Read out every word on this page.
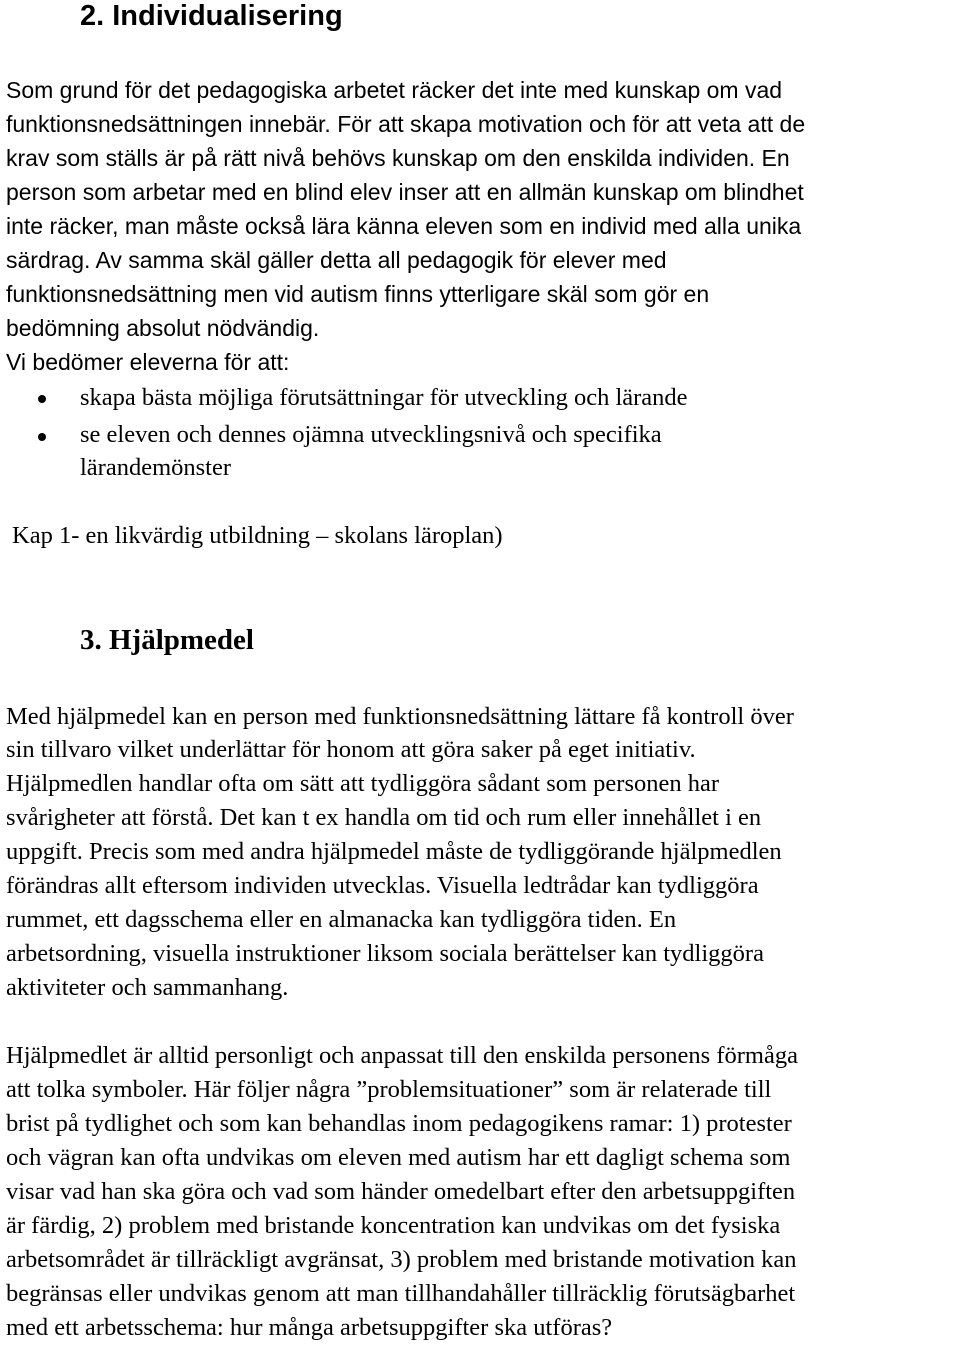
2. Individualisering

Som grund för det pedagogiska arbetet räcker det inte med kunskap om vad

funktionsnedsättningen innebär. För att skapa motivation och för att veta att de

krav som ställs är på rätt nivå behövs kunskap om den enskilda individen. En

person som arbetar med en blind elev inser att en allmän kunskap om blindhet

inte räcker, man måste också lära känna eleven som en individ med alla unika

särdrag. Av samma skäl gäller detta all pedagogik för elever med

funktionsnedsättning men vid autism finns ytterligare skäl som gör en

bedömning absolut nödvändig.

Vi bedömer eleverna för att:

skapa bästa möjliga förutsättningar för utveckling och lärande

se eleven och dennes ojämna utvecklingsnivå och specifika

lärandemönster

Kap 1- en likvärdig utbildning – skolans läroplan)

3. Hjälpmedel

Med hjälpmedel kan en person med funktionsnedsättning lättare få kontroll över

sin tillvaro vilket underlättar för honom att göra saker på eget initiativ.

Hjälpmedlen handlar ofta om sätt att tydliggöra sådant som personen har

svårigheter att förstå. Det kan t ex handla om tid och rum eller innehållet i en

uppgift. Precis som med andra hjälpmedel måste de tydliggörande hjälpmedlen

förändras allt eftersom individen utvecklas. Visuella ledtrådar kan tydliggöra

rummet, ett dagsschema eller en almanacka kan tydliggöra tiden. En

arbetsordning, visuella instruktioner liksom sociala berättelser kan tydliggöra

aktiviteter och sammanhang.

Hjälpmedlet är alltid personligt och anpassat till den enskilda personens förmåga

att tolka symboler. Här följer några ”problemsituationer” som är relaterade till

brist på tydlighet och som kan behandlas inom pedagogikens ramar: 1) protester

och vägran kan ofta undvikas om eleven med autism har ett dagligt schema som

visar vad han ska göra och vad som händer omedelbart efter den arbetsuppgiften

är färdig, 2) problem med bristande koncentration kan undvikas om det fysiska

arbetsområdet är tillräckligt avgränsat, 3) problem med bristande motivation kan

begränsas eller undvikas genom att man tillhandahåller tillräcklig förutsägbarhet

med ett arbetsschema: hur många arbetsuppgifter ska utföras?
